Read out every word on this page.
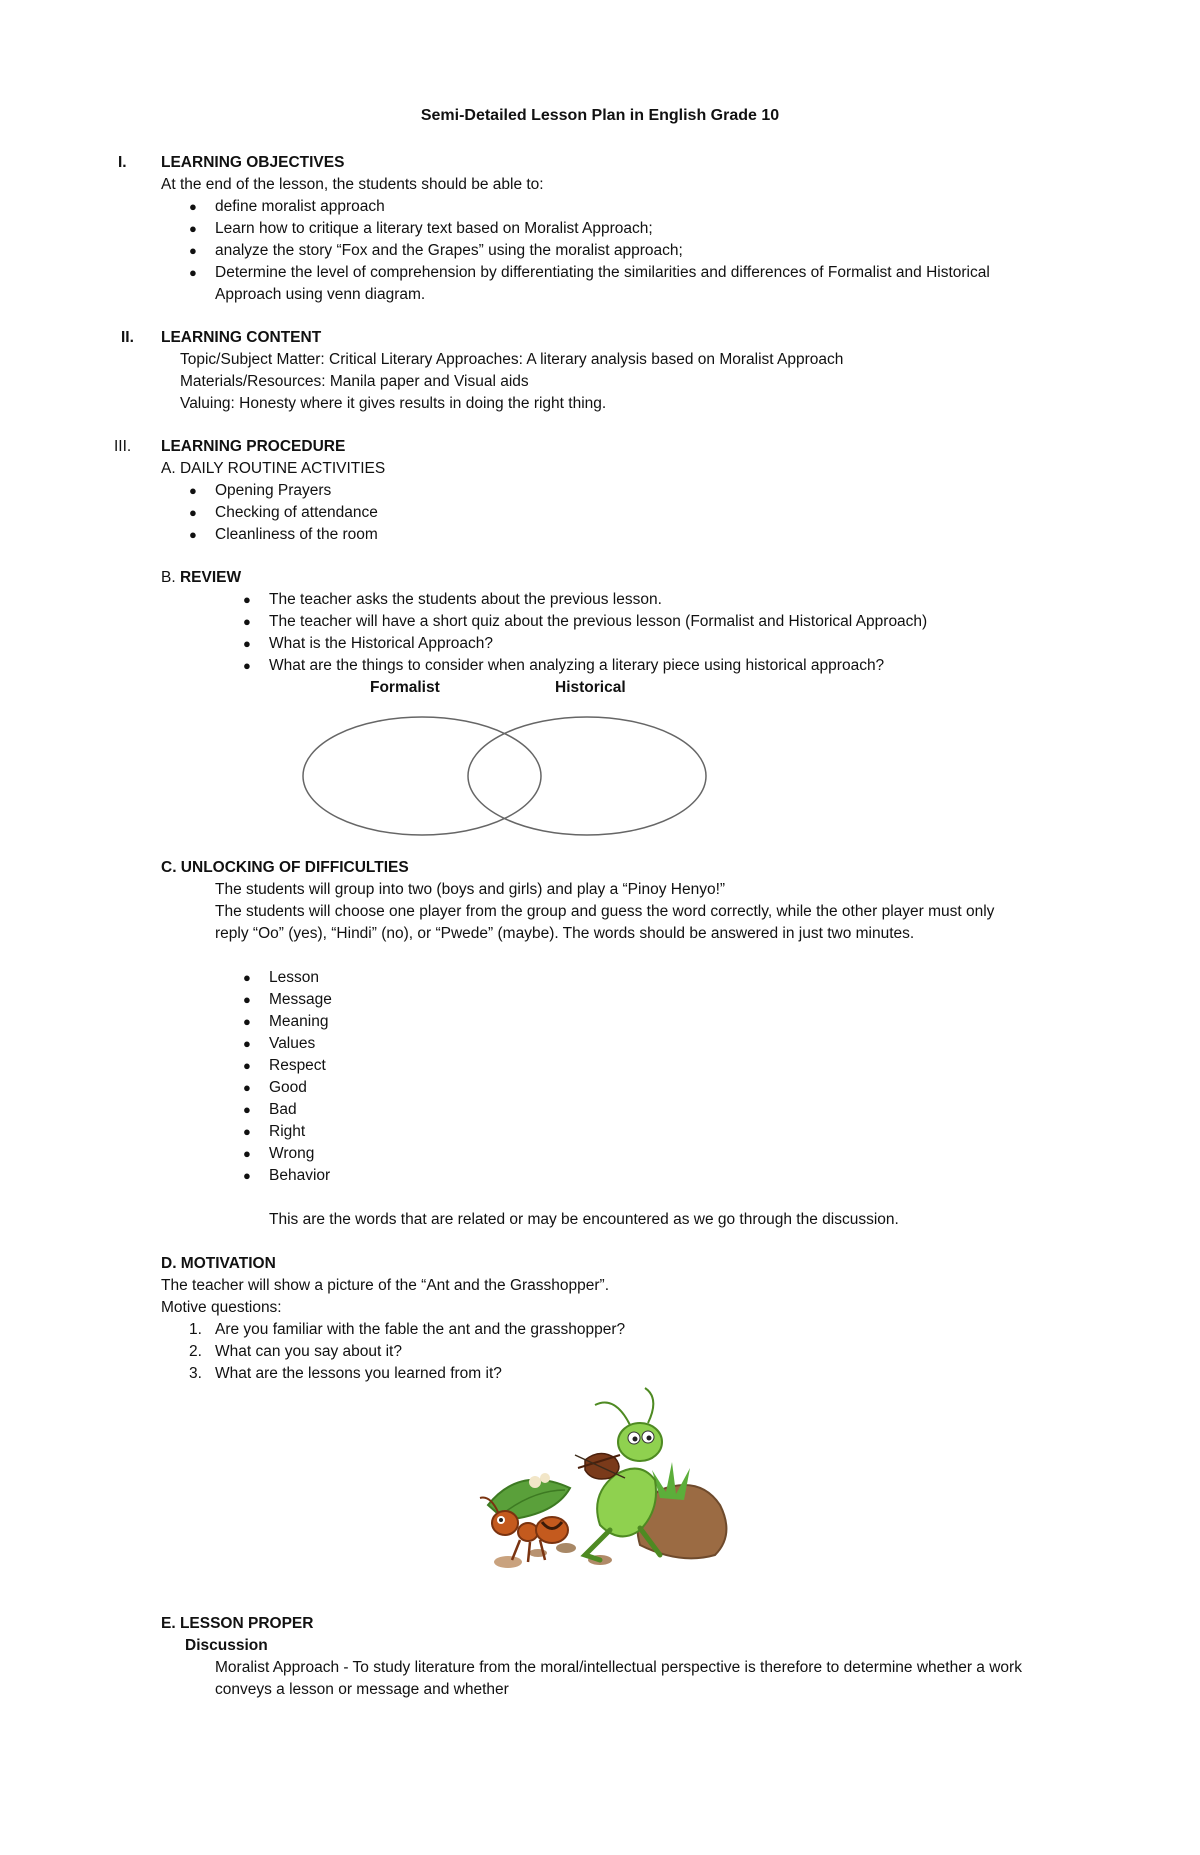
Semi-Detailed Lesson Plan in English Grade 10
I. LEARNING OBJECTIVES
At the end of the lesson, the students should be able to:
● define moralist approach
● Learn how to critique a literary text based on Moralist Approach;
● analyze the story “Fox and the Grapes” using the moralist approach;
● Determine the level of comprehension by differentiating the similarities and differences of Formalist and Historical
Approach using venn diagram.
II. LEARNING CONTENT
Topic/Subject Matter: Critical Literary Approaches: A literary analysis based on Moralist Approach
Materials/Resources: Manila paper and Visual aids
Valuing: Honesty where it gives results in doing the right thing.
III. LEARNING PROCEDURE
A. DAILY ROUTINE ACTIVITIES
● Opening Prayers
● Checking of attendance
● Cleanliness of the room
B. REVIEW
● The teacher asks the students about the previous lesson.
● The teacher will have a short quiz about the previous lesson (Formalist and Historical Approach)
● What is the Historical Approach?
● What are the things to consider when analyzing a literary piece using historical approach?
Formalist	Historical
C. UNLOCKING OF DIFFICULTIES
The students will group into two (boys and girls) and play a “Pinoy Henyo!”
The students will choose one player from the group and guess the word correctly, while the other player must only
reply “Oo” (yes), “Hindi” (no), or “Pwede” (maybe). The words should be answered in just two minutes.
● Lesson
● Message
● Meaning
● Values
● Respect
● Good
● Bad
● Right
● Wrong
● Behavior
This are the words that are related or may be encountered as we go through the discussion.
D. MOTIVATION
The teacher will show a picture of the “Ant and the Grasshopper”.
Motive questions:
1. Are you familiar with the fable the ant and the grasshopper?
2. What can you say about it?
3. What are the lessons you learned from it?
E. LESSON PROPER
Discussion
Moralist Approach - To study literature from the moral/intellectual perspective is therefore to determine whether a work
conveys a lesson or message and whether
